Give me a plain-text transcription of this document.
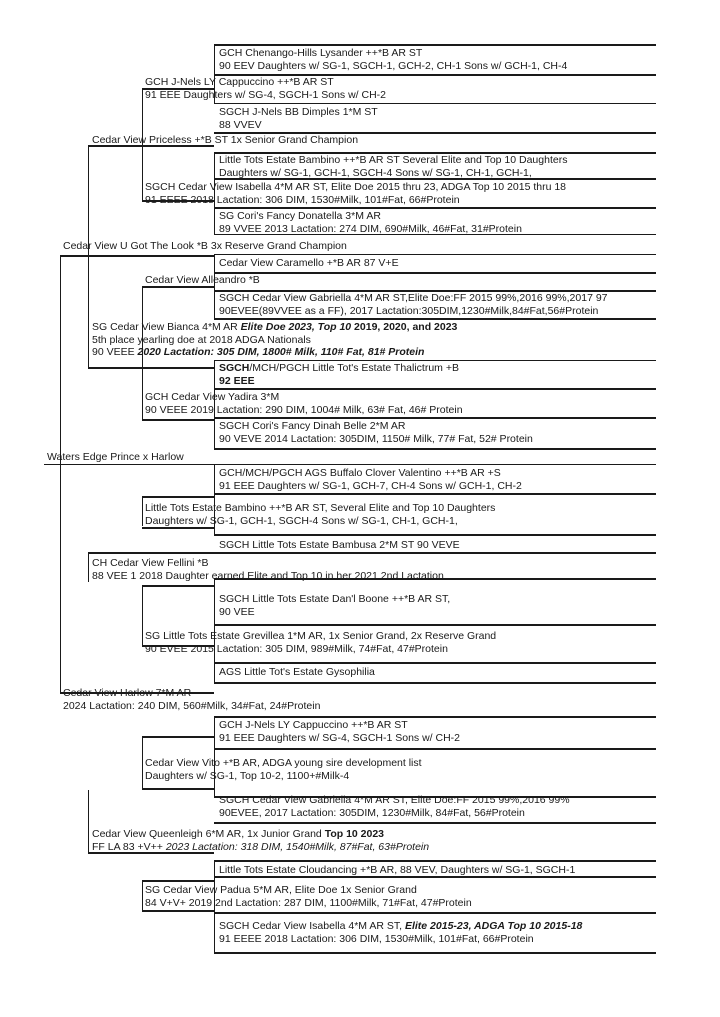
Waters Edge Prince x Harlow
GCH Chenango-Hills Lysander ++*B AR ST
90 EEV Daughters w/ SG-1, SGCH-1, GCH-2, CH-1 Sons w/ GCH-1, CH-4
GCH J-Nels LY Cappuccino ++*B AR ST
91 EEE Daughters w/ SG-4, SGCH-1 Sons w/ CH-2
SGCH J-Nels BB Dimples 1*M ST
88 VVEV
Cedar View Priceless +*B ST 1x Senior Grand Champion
Little Tots Estate Bambino ++*B AR ST Several Elite and Top 10 Daughters
Daughters w/ SG-1, GCH-1, SGCH-4 Sons w/ SG-1, CH-1, GCH-1,
SGCH Cedar View Isabella 4*M AR ST, Elite Doe 2015 thru 23, ADGA Top 10 2015 thru 18
91 EEEE 2018 Lactation: 306 DIM, 1530#Milk, 101#Fat, 66#Protein
SG Cori's Fancy Donatella 3*M AR
89 VVEE 2013 Lactation: 274 DIM, 690#Milk, 46#Fat, 31#Protein
Cedar View U Got The Look *B 3x Reserve Grand Champion
Cedar View Caramello +*B AR 87 V+E
Cedar View Alleandro *B
SGCH Cedar View Gabriella 4*M AR ST,Elite Doe:FF 2015 99%,2016 99%,2017 97
90EVEE(89VVEE as a FF), 2017 Lactation:305DIM,1230#Milk,84#Fat,56#Protein
SG Cedar View Bianca 4*M AR Elite Doe 2023, Top 10 2019, 2020, and 2023
5th place yearling doe at 2018 ADGA Nationals
90 VEEE 2020 Lactation: 305 DIM, 1800# Milk, 110# Fat, 81# Protein
SGCH/MCH/PGCH Little Tot's Estate Thalictrum +B
92 EEE
GCH Cedar View Yadira 3*M
90 VEEE 2019 Lactation: 290 DIM, 1004# Milk, 63# Fat, 46# Protein
SGCH Cori's Fancy Dinah Belle 2*M AR
90 VEVE 2014 Lactation: 305DIM, 1150# Milk, 77# Fat, 52# Protein
GCH/MCH/PGCH AGS Buffalo Clover Valentino ++*B AR +S
91 EEE Daughters w/ SG-1, GCH-7, CH-4 Sons w/ GCH-1, CH-2
Little Tots Estate Bambino ++*B AR ST, Several Elite and Top 10 Daughters
Daughters w/ SG-1, GCH-1, SGCH-4 Sons w/ SG-1, CH-1, GCH-1,
SGCH Little Tots Estate Bambusa 2*M ST 90 VEVE
CH Cedar View Fellini *B
88 VEE 1 2018 Daughter earned Elite and Top 10 in her 2021 2nd Lactation
SGCH Little Tots Estate Dan'l Boone ++*B AR ST,
90 VEE
SG Little Tots Estate Grevillea 1*M AR, 1x Senior Grand, 2x Reserve Grand
90 EVEE 2015 Lactation: 305 DIM, 989#Milk, 74#Fat, 47#Protein
AGS Little Tot's Estate Gysophilia
Cedar View Harlow 7*M AR
2024 Lactation: 240 DIM, 560#Milk, 34#Fat, 24#Protein
GCH J-Nels LY Cappuccino ++*B AR ST
91 EEE Daughters w/ SG-4, SGCH-1 Sons w/ CH-2
Cedar View Vito +*B AR, ADGA young sire development list
Daughters w/ SG-1, Top 10-2, 1100+#Milk-4
SGCH Cedar View Gabriella 4*M AR ST, Elite Doe:FF 2015 99%,2016 99%
90EVEE, 2017 Lactation: 305DIM, 1230#Milk, 84#Fat, 56#Protein
Cedar View Queenleigh 6*M AR, 1x Junior Grand Top 10 2023
FF LA 83 +V++ 2023 Lactation: 318 DIM, 1540#Milk, 87#Fat, 63#Protein
Little Tots Estate Cloudancing +*B AR, 88 VEV, Daughters w/ SG-1, SGCH-1
SG Cedar View Padua 5*M AR, Elite Doe 1x Senior Grand
84 V+V+ 2019 2nd Lactation: 287 DIM, 1100#Milk, 71#Fat, 47#Protein
SGCH Cedar View Isabella 4*M AR ST, Elite 2015-23, ADGA Top 10 2015-18
91 EEEE 2018 Lactation: 306 DIM, 1530#Milk, 101#Fat, 66#Protein
